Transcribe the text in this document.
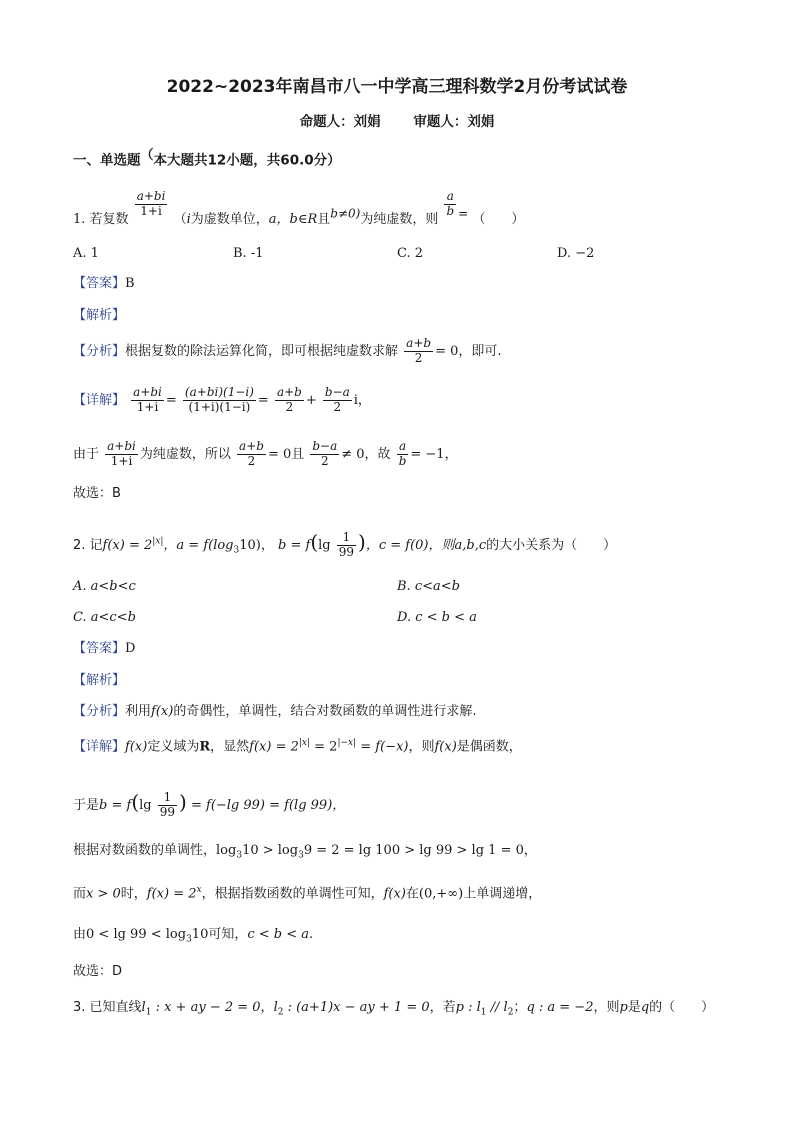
2022~2023年南昌市八一中学高三理科数学2月份考试试卷
命题人：刘娟 审题人：刘娟
一、单选题（本大题共12小题，共60.0分）
1. 若复数
$\frac{a+bi}{1+i}$
（i为虚数单位，a，b∈R且$^{b\ne 0)}$为纯虚数，则
$\frac{a}{b} ^=$ （　　）
A. 1	B. -1	C. 2	D. −2
【答案】B
【解析】
【分析】根据复数的除法运算化简，即可根据纯虚数求解 $\frac{a+b}{2} = 0$，即可.
【详解】 $\frac{a+bi}{1+i} = \frac{(a+bi)(1-i)}{(1+i)(1-i)} = \frac{a+b}{2} + \frac{b-a}{2}$ i，
由于 $\frac{a+bi}{1+i}$ 为纯虚数，所以 $\frac{a+b}{2} = 0$且 $\frac{b-a}{2} \ne 0$，故 $\frac{a}{b} = -1$，
故选：B
2. 记$f(x) = 2^{|x|}$，$a = f(\log_310)$， $b = f(\lg \frac{1}{99}$ )，c = f(0)，则a,b,c的大小关系为（　　）
A. a<b<c	B. c<a<b
C. a<c<b	D. c < b < a
【答案】D
【解析】
【分析】利用f(x)的奇偶性，单调性，结合对数函数的单调性进行求解.
【详解】f(x)定义域为R，显然$f(x) = 2^{|x|} = 2^{|-x|} = f(-x)$，则f(x)是偶函数，
于是$b = f(\lg \frac{1}{99}$ ) = f(−lg 99) = f(lg 99)，
根据对数函数的单调性，$\log_310 > \log_39 = 2 = \lg 100 > \lg 99 > \lg 1 = 0$，
而x > 0时，$f(x) = 2^x$，根据指数函数的单调性可知，f(x)在(0,+∞)上单调递增，
由$0 < \lg 99 < \log_310$可知，c < b < a.
故选：D
3. 已知直线$l_1$ : x + ay − 2 = 0，$l_2$ : (a+1)x − ay + 1 = 0，若p : $l_1 // l_2$；q : a = −2，则p是q的（　　）
